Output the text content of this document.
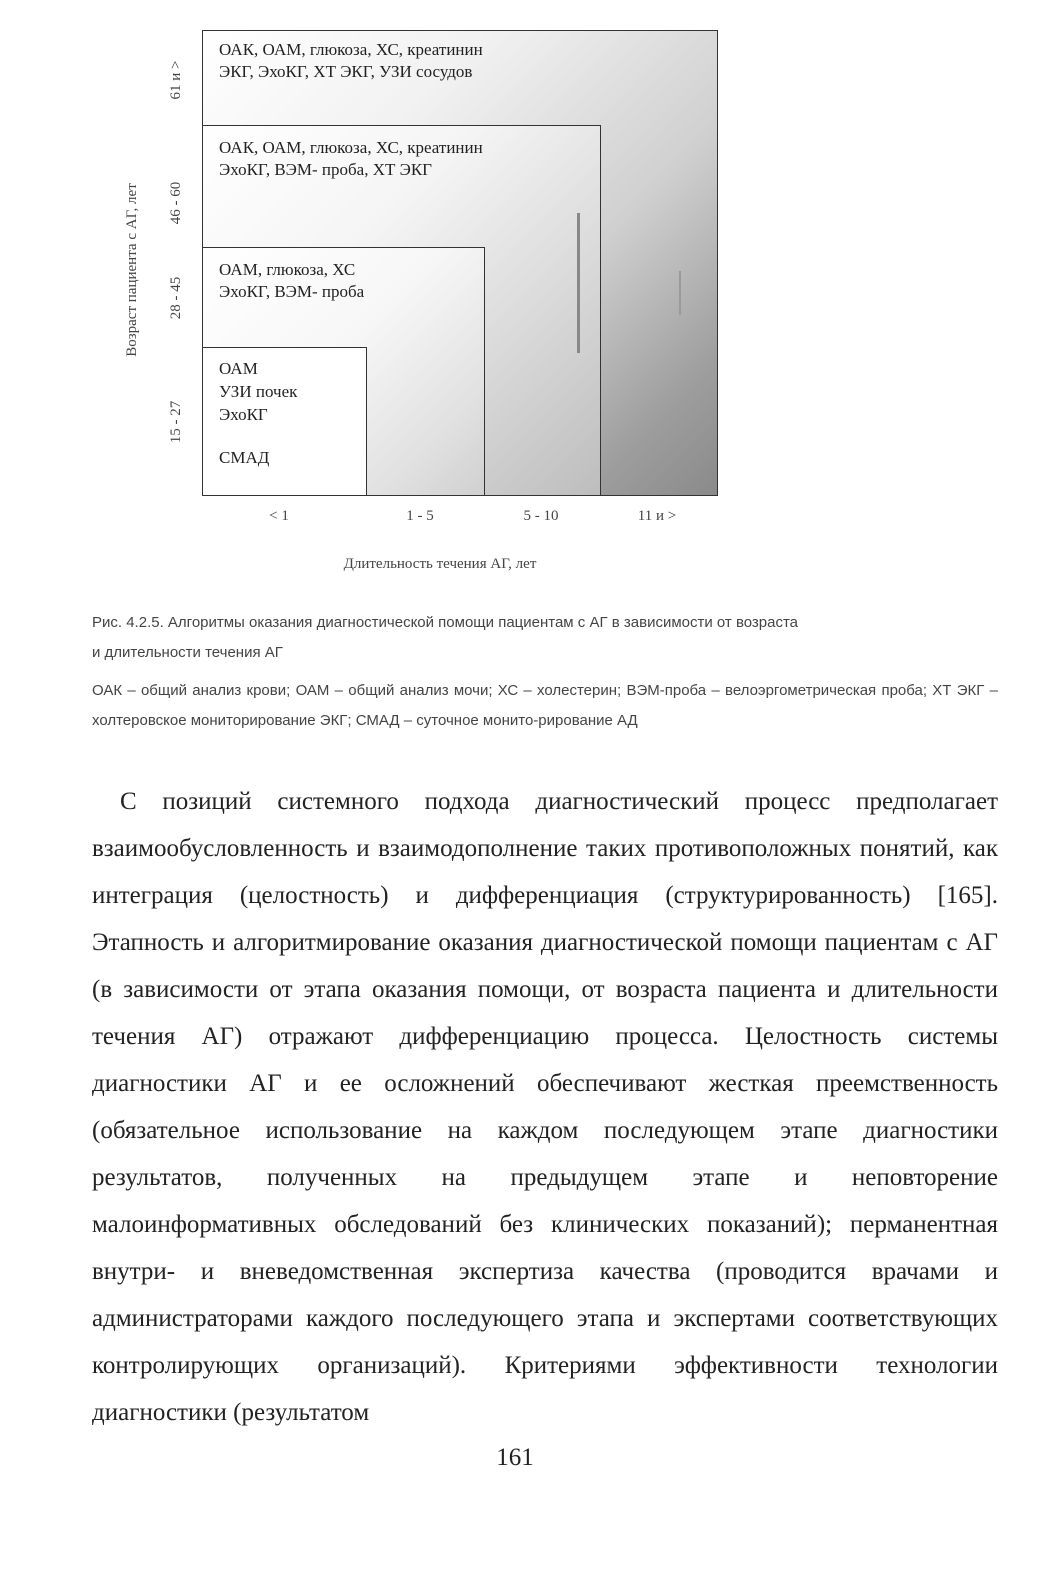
Возраст пациента с АГ, лет
61 и >
46 - 60
28 - 45
15 - 27
ОАК, ОАМ, глюкоза, ХС, креатинин
ЭКГ, ЭхоКГ, ХТ ЭКГ, УЗИ сосудов
ОАК, ОАМ, глюкоза, ХС, креатинин
ЭхоКГ, ВЭМ- проба, ХТ ЭКГ
ОАМ, глюкоза, ХС
ЭхоКГ, ВЭМ- проба
ОАМ
УЗИ почек
ЭхоКГ
СМАД
< 1	1 - 5	5 - 10	11 и >
Длительность течения АГ, лет
Рис. 4.2.5. Алгоритмы оказания диагностической помощи пациентам с АГ в зависимости от возраста
и длительности течения АГ
ОАК – общий анализ крови; ОАМ – общий анализ мочи; ХС – холестерин; ВЭМ-проба – велоэргометрическая проба; ХТ ЭКГ – холтеровское мониторирование ЭКГ; СМАД – суточное монито-рирование АД

С позиций системного подхода диагностический процесс предполагает взаимообусловленность и взаимодополнение таких противоположных понятий, как интеграция (целостность) и дифференциация (структурированность) [165]. Этапность и алгоритмирование оказания диагностической помощи пациентам с АГ (в зависимости от этапа оказания помощи, от возраста пациента и длительности течения АГ) отражают дифференциацию процесса. Целостность системы диагностики АГ и ее осложнений обеспечивают жесткая преемственность (обязательное использование на каждом последующем этапе диагностики результатов, полученных на предыдущем этапе и неповторение малоинформативных обследований без клинических показаний); перманентная внутри- и вневедомственная экспертиза качества (проводится врачами и администраторами каждого последующего этапа и экспертами соответствующих контролирующих организаций). Критериями эффективности технологии диагностики (результатом

161
